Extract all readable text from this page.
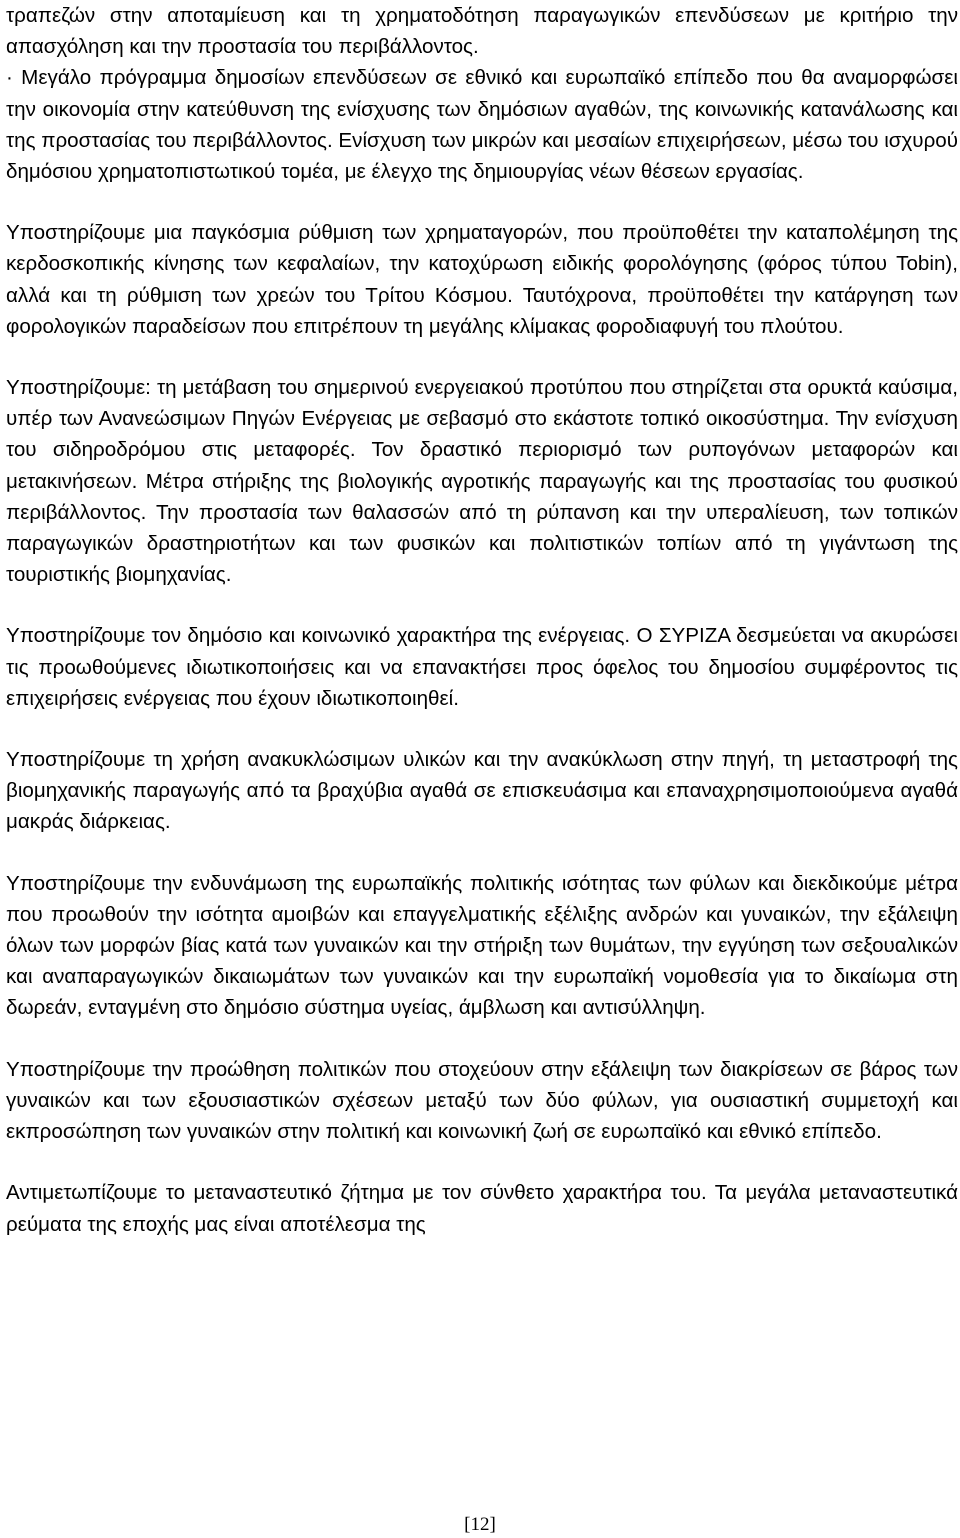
τραπεζών στην αποταμίευση και τη χρηματοδότηση παραγωγικών επενδύσεων με κριτήριο την απασχόληση και την προστασία του περιβάλλοντος.

· Μεγάλο πρόγραμμα δημοσίων επενδύσεων σε εθνικό και ευρωπαϊκό επίπεδο που θα αναμορφώσει την οικονομία στην κατεύθυνση της ενίσχυσης των δημόσιων αγαθών, της κοινωνικής κατανάλωσης και της προστασίας του περιβάλλοντος. Ενίσχυση των μικρών και μεσαίων επιχειρήσεων, μέσω του ισχυρού δημόσιου χρηματοπιστωτικού τομέα, με έλεγχο της δημιουργίας νέων θέσεων εργασίας.

Υποστηρίζουμε μια παγκόσμια ρύθμιση των χρηματαγορών, που προϋποθέτει την καταπολέμηση της κερδοσκοπικής κίνησης των κεφαλαίων, την κατοχύρωση ειδικής φορολόγησης (φόρος τύπου Tobin), αλλά και τη ρύθμιση των χρεών του Τρίτου Κόσμου. Ταυτόχρονα, προϋποθέτει την κατάργηση των φορολογικών παραδείσων που επιτρέπουν τη μεγάλης κλίμακας φοροδιαφυγή του πλούτου.

Υποστηρίζουμε: τη μετάβαση του σημερινού ενεργειακού προτύπου που στηρίζεται στα ορυκτά καύσιμα, υπέρ των Ανανεώσιμων Πηγών Ενέργειας με σεβασμό στο εκάστοτε τοπικό οικοσύστημα. Την ενίσχυση του σιδηροδρόμου στις μεταφορές. Τον δραστικό περιορισμό των ρυπογόνων μεταφορών και μετακινήσεων. Μέτρα στήριξης της βιολογικής αγροτικής παραγωγής και της προστασίας του φυσικού περιβάλλοντος. Την προστασία των θαλασσών από τη ρύπανση και την υπεραλίευση, των τοπικών παραγωγικών δραστηριοτήτων και των φυσικών και πολιτιστικών τοπίων από τη γιγάντωση της τουριστικής βιομηχανίας.

Υποστηρίζουμε τον δημόσιο και κοινωνικό χαρακτήρα της ενέργειας. Ο ΣΥΡΙΖΑ δεσμεύεται να ακυρώσει τις προωθούμενες ιδιωτικοποιήσεις και να επανακτήσει προς όφελος του δημοσίου συμφέροντος τις επιχειρήσεις ενέργειας που έχουν ιδιωτικοποιηθεί.

Υποστηρίζουμε τη χρήση ανακυκλώσιμων υλικών και την ανακύκλωση στην πηγή, τη μεταστροφή της βιομηχανικής παραγωγής από τα βραχύβια αγαθά σε επισκευάσιμα και επαναχρησιμοποιούμενα αγαθά μακράς διάρκειας.

Υποστηρίζουμε την ενδυνάμωση της ευρωπαϊκής πολιτικής ισότητας των φύλων και διεκδικούμε μέτρα που προωθούν την ισότητα αμοιβών και επαγγελματικής εξέλιξης ανδρών και γυναικών, την εξάλειψη όλων των μορφών βίας κατά των γυναικών και την στήριξη των θυμάτων, την εγγύηση των σεξουαλικών και αναπαραγωγικών δικαιωμάτων των γυναικών και την ευρωπαϊκή νομοθεσία για το δικαίωμα στη δωρεάν, ενταγμένη στο δημόσιο σύστημα υγείας, άμβλωση και αντισύλληψη.

Υποστηρίζουμε την προώθηση πολιτικών που στοχεύουν στην εξάλειψη των διακρίσεων σε βάρος των γυναικών και των εξουσιαστικών σχέσεων μεταξύ των δύο φύλων, για ουσιαστική συμμετοχή και εκπροσώπηση των γυναικών στην πολιτική και κοινωνική ζωή σε ευρωπαϊκό και εθνικό επίπεδο.

Αντιμετωπίζουμε το μεταναστευτικό ζήτημα με τον σύνθετο χαρακτήρα του. Τα μεγάλα μεταναστευτικά ρεύματα της εποχής μας είναι αποτέλεσμα της

[12]
